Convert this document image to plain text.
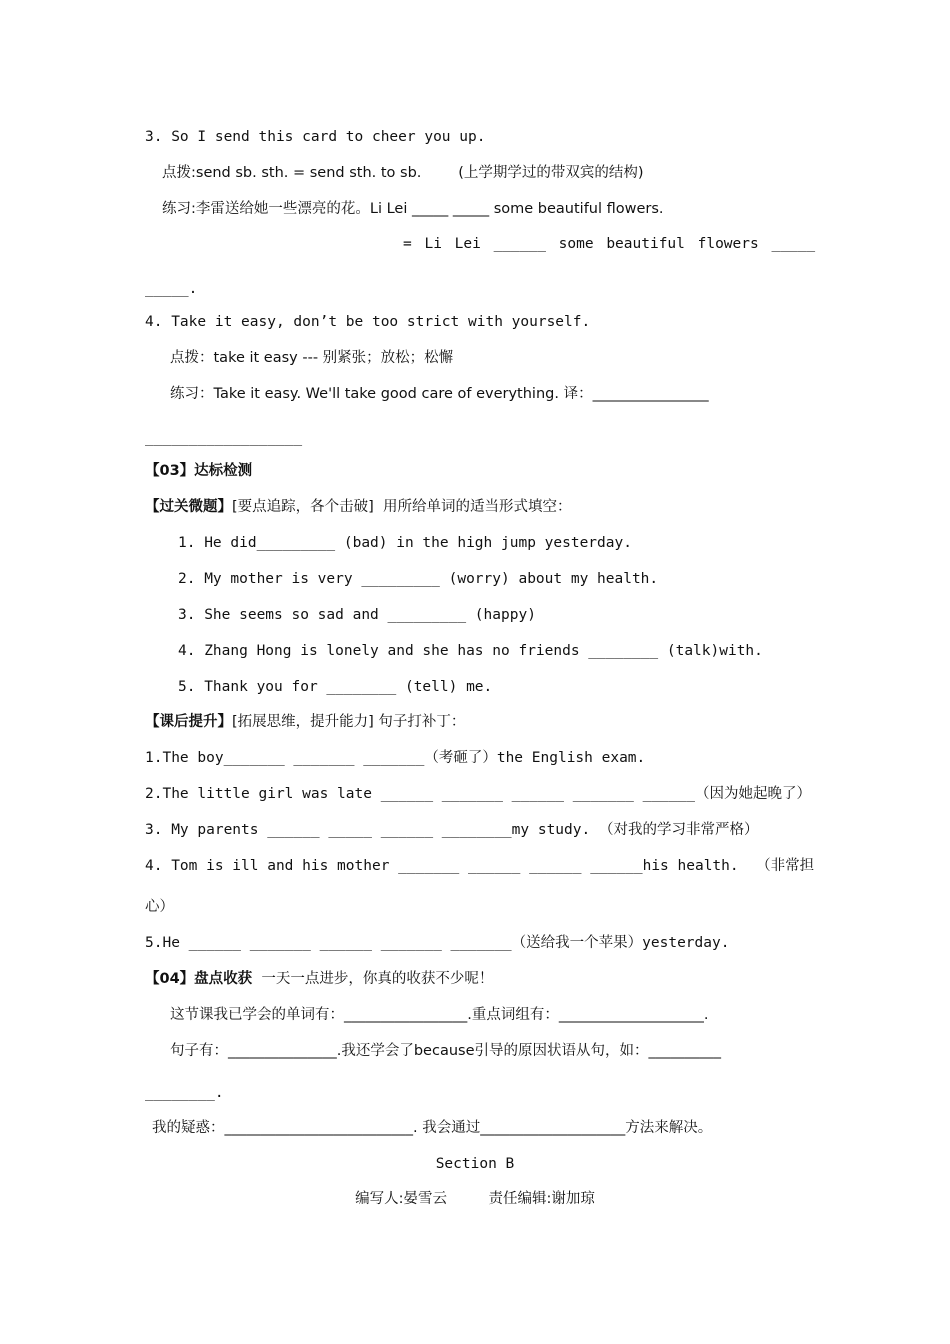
3. So I send this card to cheer you up.
点拨:send sb. sth. = send sth. to sb.        (上学期学过的带双宾的结构)
练习:李雷送给她一些漂亮的花。Li Lei _____ _____ some beautiful flowers.
= Li Lei ______ some beautiful flowers _____
_____.
4. Take it easy, don’t be too strict with yourself.
点拨：take it easy --- 别紧张；放松；松懈
练习：Take it easy. We'll take good care of everything. 译：________________
__________________
【03】达标检测
【过关微题】[要点追踪，各个击破]  用所给单词的适当形式填空：
1. He did_________ (bad) in the high jump yesterday.
2. My mother is very _________ (worry) about my health.
3. She seems so sad and _________ (happy)
4. Zhang Hong is lonely and she has no friends ________ (talk)with.
5. Thank you for ________ (tell) me.
【课后提升】[拓展思维，提升能力] 句子打补丁：
1.The boy_______ _______ _______（考砸了）the English exam.
2.The little girl was late ______ _______ ______ _______ ______（因为她起晚了）
3. My parents ______ _____ ______ ________my study. （对我的学习非常严格）
4. Tom is ill and his mother _______ ______ ______ ______his health.  （非常担
心）
5.He ______ _______ ______ _______ _______（送给我一个苹果）yesterday.
【04】盘点收获  一天一点进步，你真的收获不少呢！
这节课我已学会的单词有：_________________.重点词组有：____________________.
句子有：_______________.我还学会了because引导的原因状语从句，如：__________
________.
我的疑惑：__________________________. 我会通过____________________方法来解决。
Section B
编写人:晏雪云         责任编辑:谢加琼
